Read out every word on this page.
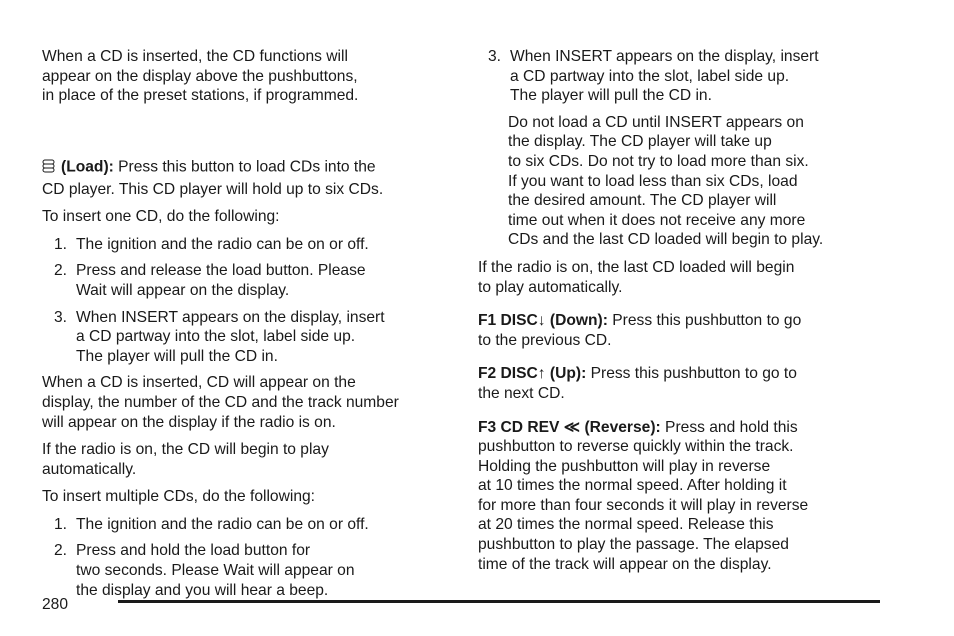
When a CD is inserted, the CD functions will
appear on the display above the pushbuttons,
in place of the preset stations, if programmed.

(Load): Press this button to load CDs into the
CD player. This CD player will hold up to six CDs.

To insert one CD, do the following:

1. The ignition and the radio can be on or off.
2. Press and release the load button. Please
Wait will appear on the display.
3. When INSERT appears on the display, insert
a CD partway into the slot, label side up.
The player will pull the CD in.

When a CD is inserted, CD will appear on the
display, the number of the CD and the track number
will appear on the display if the radio is on.

If the radio is on, the CD will begin to play
automatically.

To insert multiple CDs, do the following:

1. The ignition and the radio can be on or off.
2. Press and hold the load button for
two seconds. Please Wait will appear on
the display and you will hear a beep.
3. When INSERT appears on the display, insert
a CD partway into the slot, label side up.
The player will pull the CD in.

Do not load a CD until INSERT appears on
the display. The CD player will take up
to six CDs. Do not try to load more than six.
If you want to load less than six CDs, load
the desired amount. The CD player will
time out when it does not receive any more
CDs and the last CD loaded will begin to play.

If the radio is on, the last CD loaded will begin
to play automatically.

F1 DISC↓ (Down): Press this pushbutton to go
to the previous CD.

F2 DISC↑ (Up): Press this pushbutton to go to
the next CD.

F3 CD REV ≪ (Reverse): Press and hold this
pushbutton to reverse quickly within the track.
Holding the pushbutton will play in reverse
at 10 times the normal speed. After holding it
for more than four seconds it will play in reverse
at 20 times the normal speed. Release this
pushbutton to play the passage. The elapsed
time of the track will appear on the display.

280
